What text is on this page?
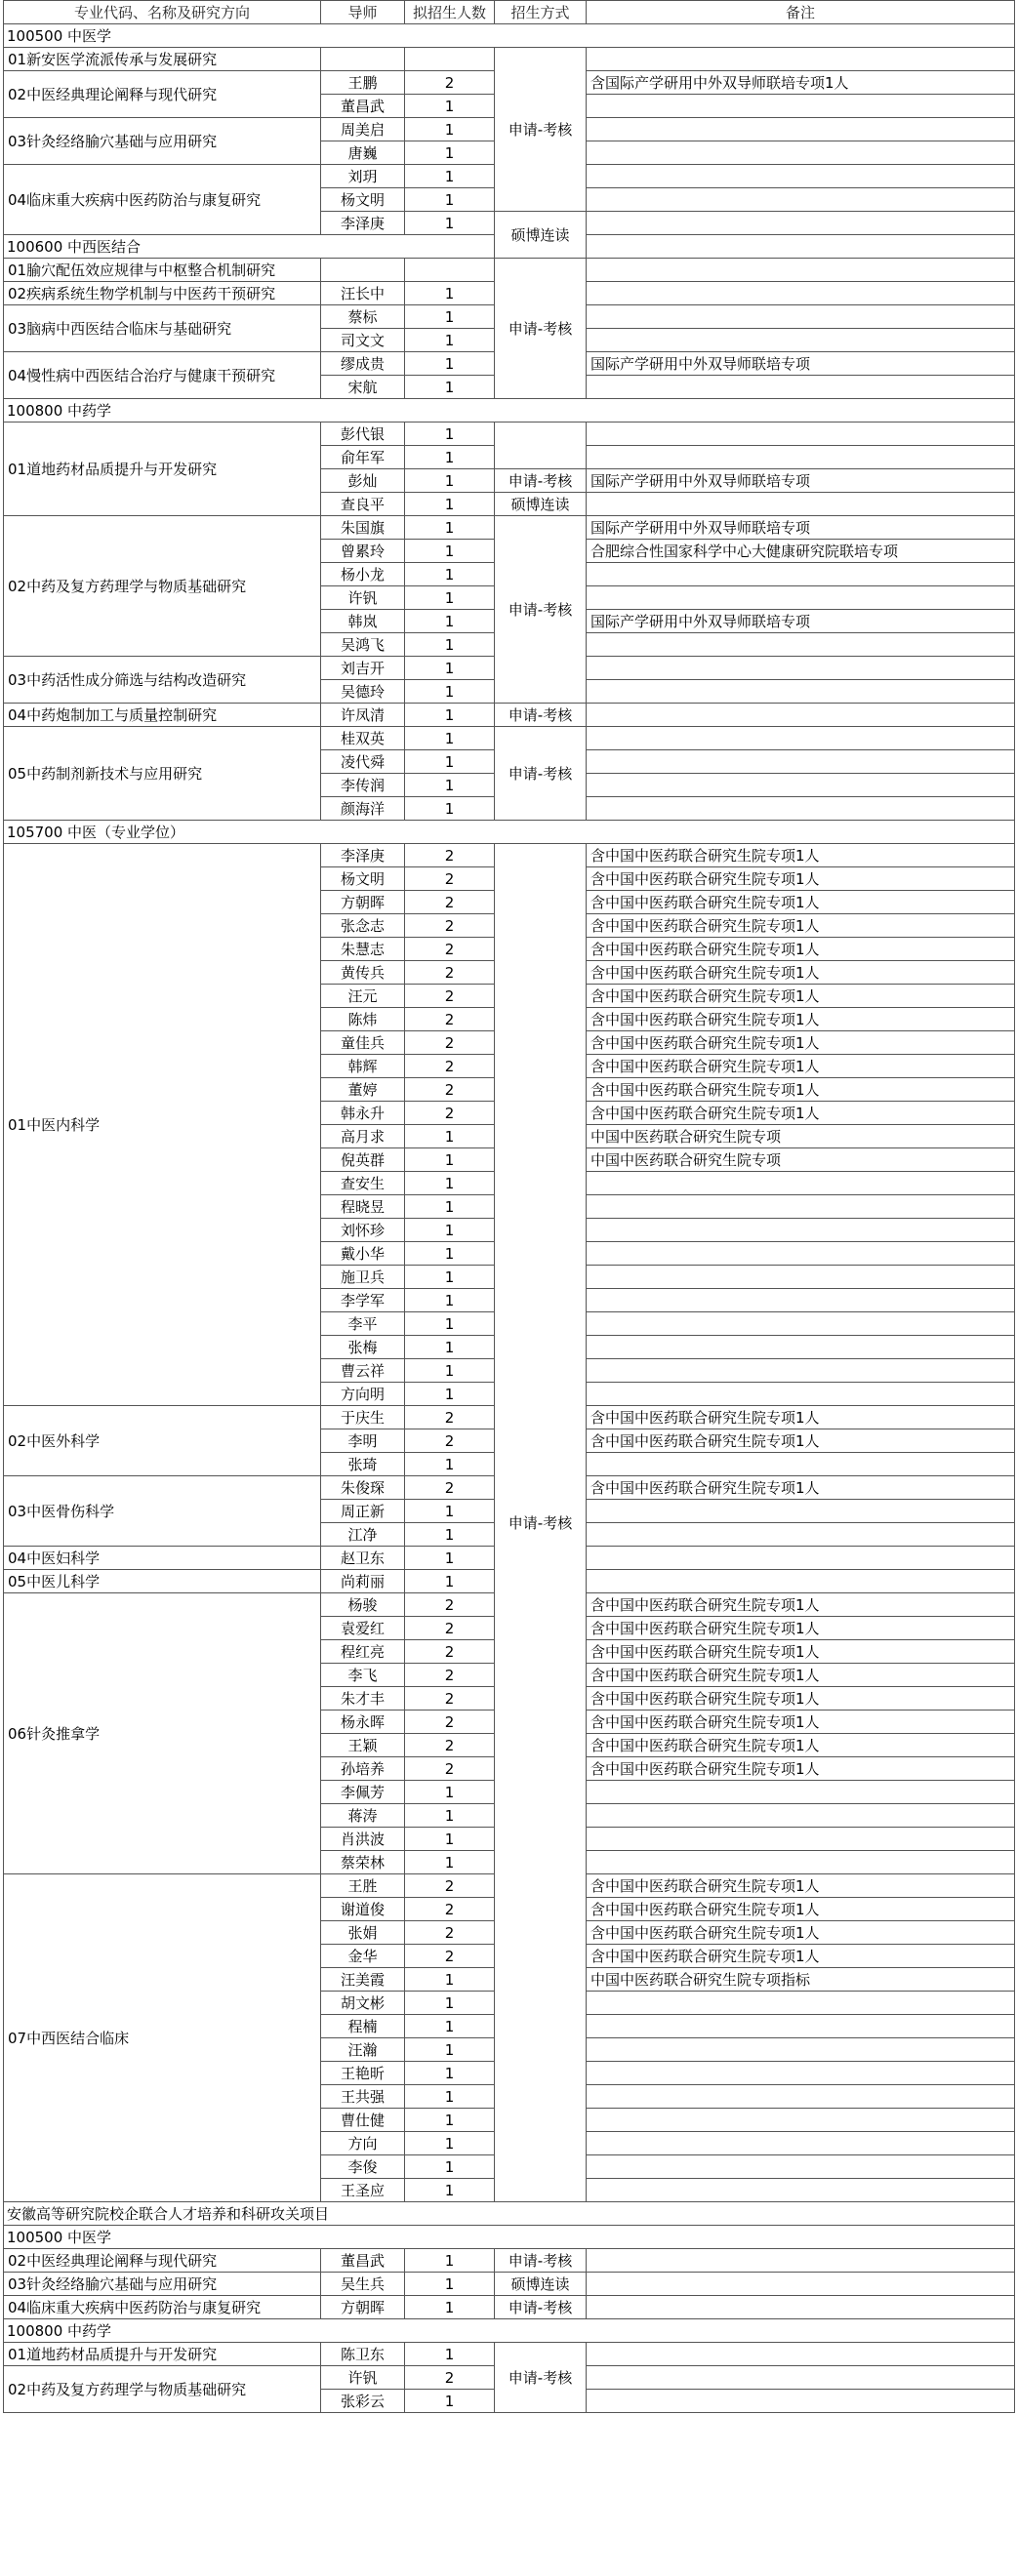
专业代码、名称及研究方向	导师	拟招生人数	招生方式	备注
100500 中医学				
01新安医学流派传承与发展研究			申请-考核	
02中医经典理论阐释与现代研究	王鹏	2		含国际产学研用中外双导师联培专项1人
	董昌武	1		
03针灸经络腧穴基础与应用研究	周美启	1		
	唐巍	1		
04临床重大疾病中医药防治与康复研究	刘玥	1		
	杨文明	1		
	李泽庚	1	硕博连读	
100600 中西医结合				
01腧穴配伍效应规律与中枢整合机制研究			申请-考核	
02疾病系统生物学机制与中医药干预研究	汪长中	1		
03脑病中西医结合临床与基础研究	蔡标	1		
	司文文	1		
04慢性病中西医结合治疗与健康干预研究	缪成贵	1		国际产学研用中外双导师联培专项
	宋航	1		
100800 中药学				
01道地药材品质提升与开发研究	彭代银	1		
	俞年军	1		
	彭灿	1	申请-考核	国际产学研用中外双导师联培专项
	查良平	1	硕博连读	
02中药及复方药理学与物质基础研究	朱国旗	1	申请-考核	国际产学研用中外双导师联培专项
	曾累玲	1		合肥综合性国家科学中心大健康研究院联培专项
	杨小龙	1		
	许钒	1		
	韩岚	1		国际产学研用中外双导师联培专项
	吴鸿飞	1		
03中药活性成分筛选与结构改造研究	刘吉开	1		
	吴德玲	1		
04中药炮制加工与质量控制研究	许凤清	1	申请-考核	
05中药制剂新技术与应用研究	桂双英	1	申请-考核	
	凌代舜	1		
	李传润	1		
	颜海洋	1		
105700 中医（专业学位）				
01中医内科学	李泽庚	2	申请-考核	含中国中医药联合研究生院专项1人
	杨文明	2		含中国中医药联合研究生院专项1人
	方朝晖	2		含中国中医药联合研究生院专项1人
	张念志	2		含中国中医药联合研究生院专项1人
	朱慧志	2		含中国中医药联合研究生院专项1人
	黄传兵	2		含中国中医药联合研究生院专项1人
	汪元	2		含中国中医药联合研究生院专项1人
	陈炜	2		含中国中医药联合研究生院专项1人
	童佳兵	2		含中国中医药联合研究生院专项1人
	韩辉	2		含中国中医药联合研究生院专项1人
	董婷	2		含中国中医药联合研究生院专项1人
	韩永升	2		含中国中医药联合研究生院专项1人
	高月求	1		中国中医药联合研究生院专项
	倪英群	1		中国中医药联合研究生院专项
	查安生	1		
	程晓昱	1		
	刘怀珍	1		
	戴小华	1		
	施卫兵	1		
	李学军	1		
	李平	1		
	张梅	1		
	曹云祥	1		
	方向明	1		
02中医外科学	于庆生	2		含中国中医药联合研究生院专项1人
	李明	2		含中国中医药联合研究生院专项1人
	张琦	1		
03中医骨伤科学	朱俊琛	2		含中国中医药联合研究生院专项1人
	周正新	1		
	江净	1		
04中医妇科学	赵卫东	1		
05中医儿科学	尚莉丽	1		
06针灸推拿学	杨骏	2		含中国中医药联合研究生院专项1人
	袁爱红	2		含中国中医药联合研究生院专项1人
	程红亮	2		含中国中医药联合研究生院专项1人
	李飞	2		含中国中医药联合研究生院专项1人
	朱才丰	2		含中国中医药联合研究生院专项1人
	杨永晖	2		含中国中医药联合研究生院专项1人
	王颖	2		含中国中医药联合研究生院专项1人
	孙培养	2		含中国中医药联合研究生院专项1人
	李佩芳	1		
	蒋涛	1		
	肖洪波	1		
	蔡荣林	1		
07中西医结合临床	王胜	2		含中国中医药联合研究生院专项1人
	谢道俊	2		含中国中医药联合研究生院专项1人
	张娟	2		含中国中医药联合研究生院专项1人
	金华	2		含中国中医药联合研究生院专项1人
	汪美霞	1		中国中医药联合研究生院专项指标
	胡文彬	1		
	程楠	1		
	汪瀚	1		
	王艳昕	1		
	王共强	1		
	曹仕健	1		
	方向	1		
	李俊	1		
	王圣应	1		
安徽高等研究院校企联合人才培养和科研攻关项目				
100500 中医学				
02中医经典理论阐释与现代研究	董昌武	1	申请-考核	
03针灸经络腧穴基础与应用研究	吴生兵	1	硕博连读	
04临床重大疾病中医药防治与康复研究	方朝晖	1	申请-考核	
100800 中药学				
01道地药材品质提升与开发研究	陈卫东	1	申请-考核	
02中药及复方药理学与物质基础研究	许钒	2		
	张彩云	1		
